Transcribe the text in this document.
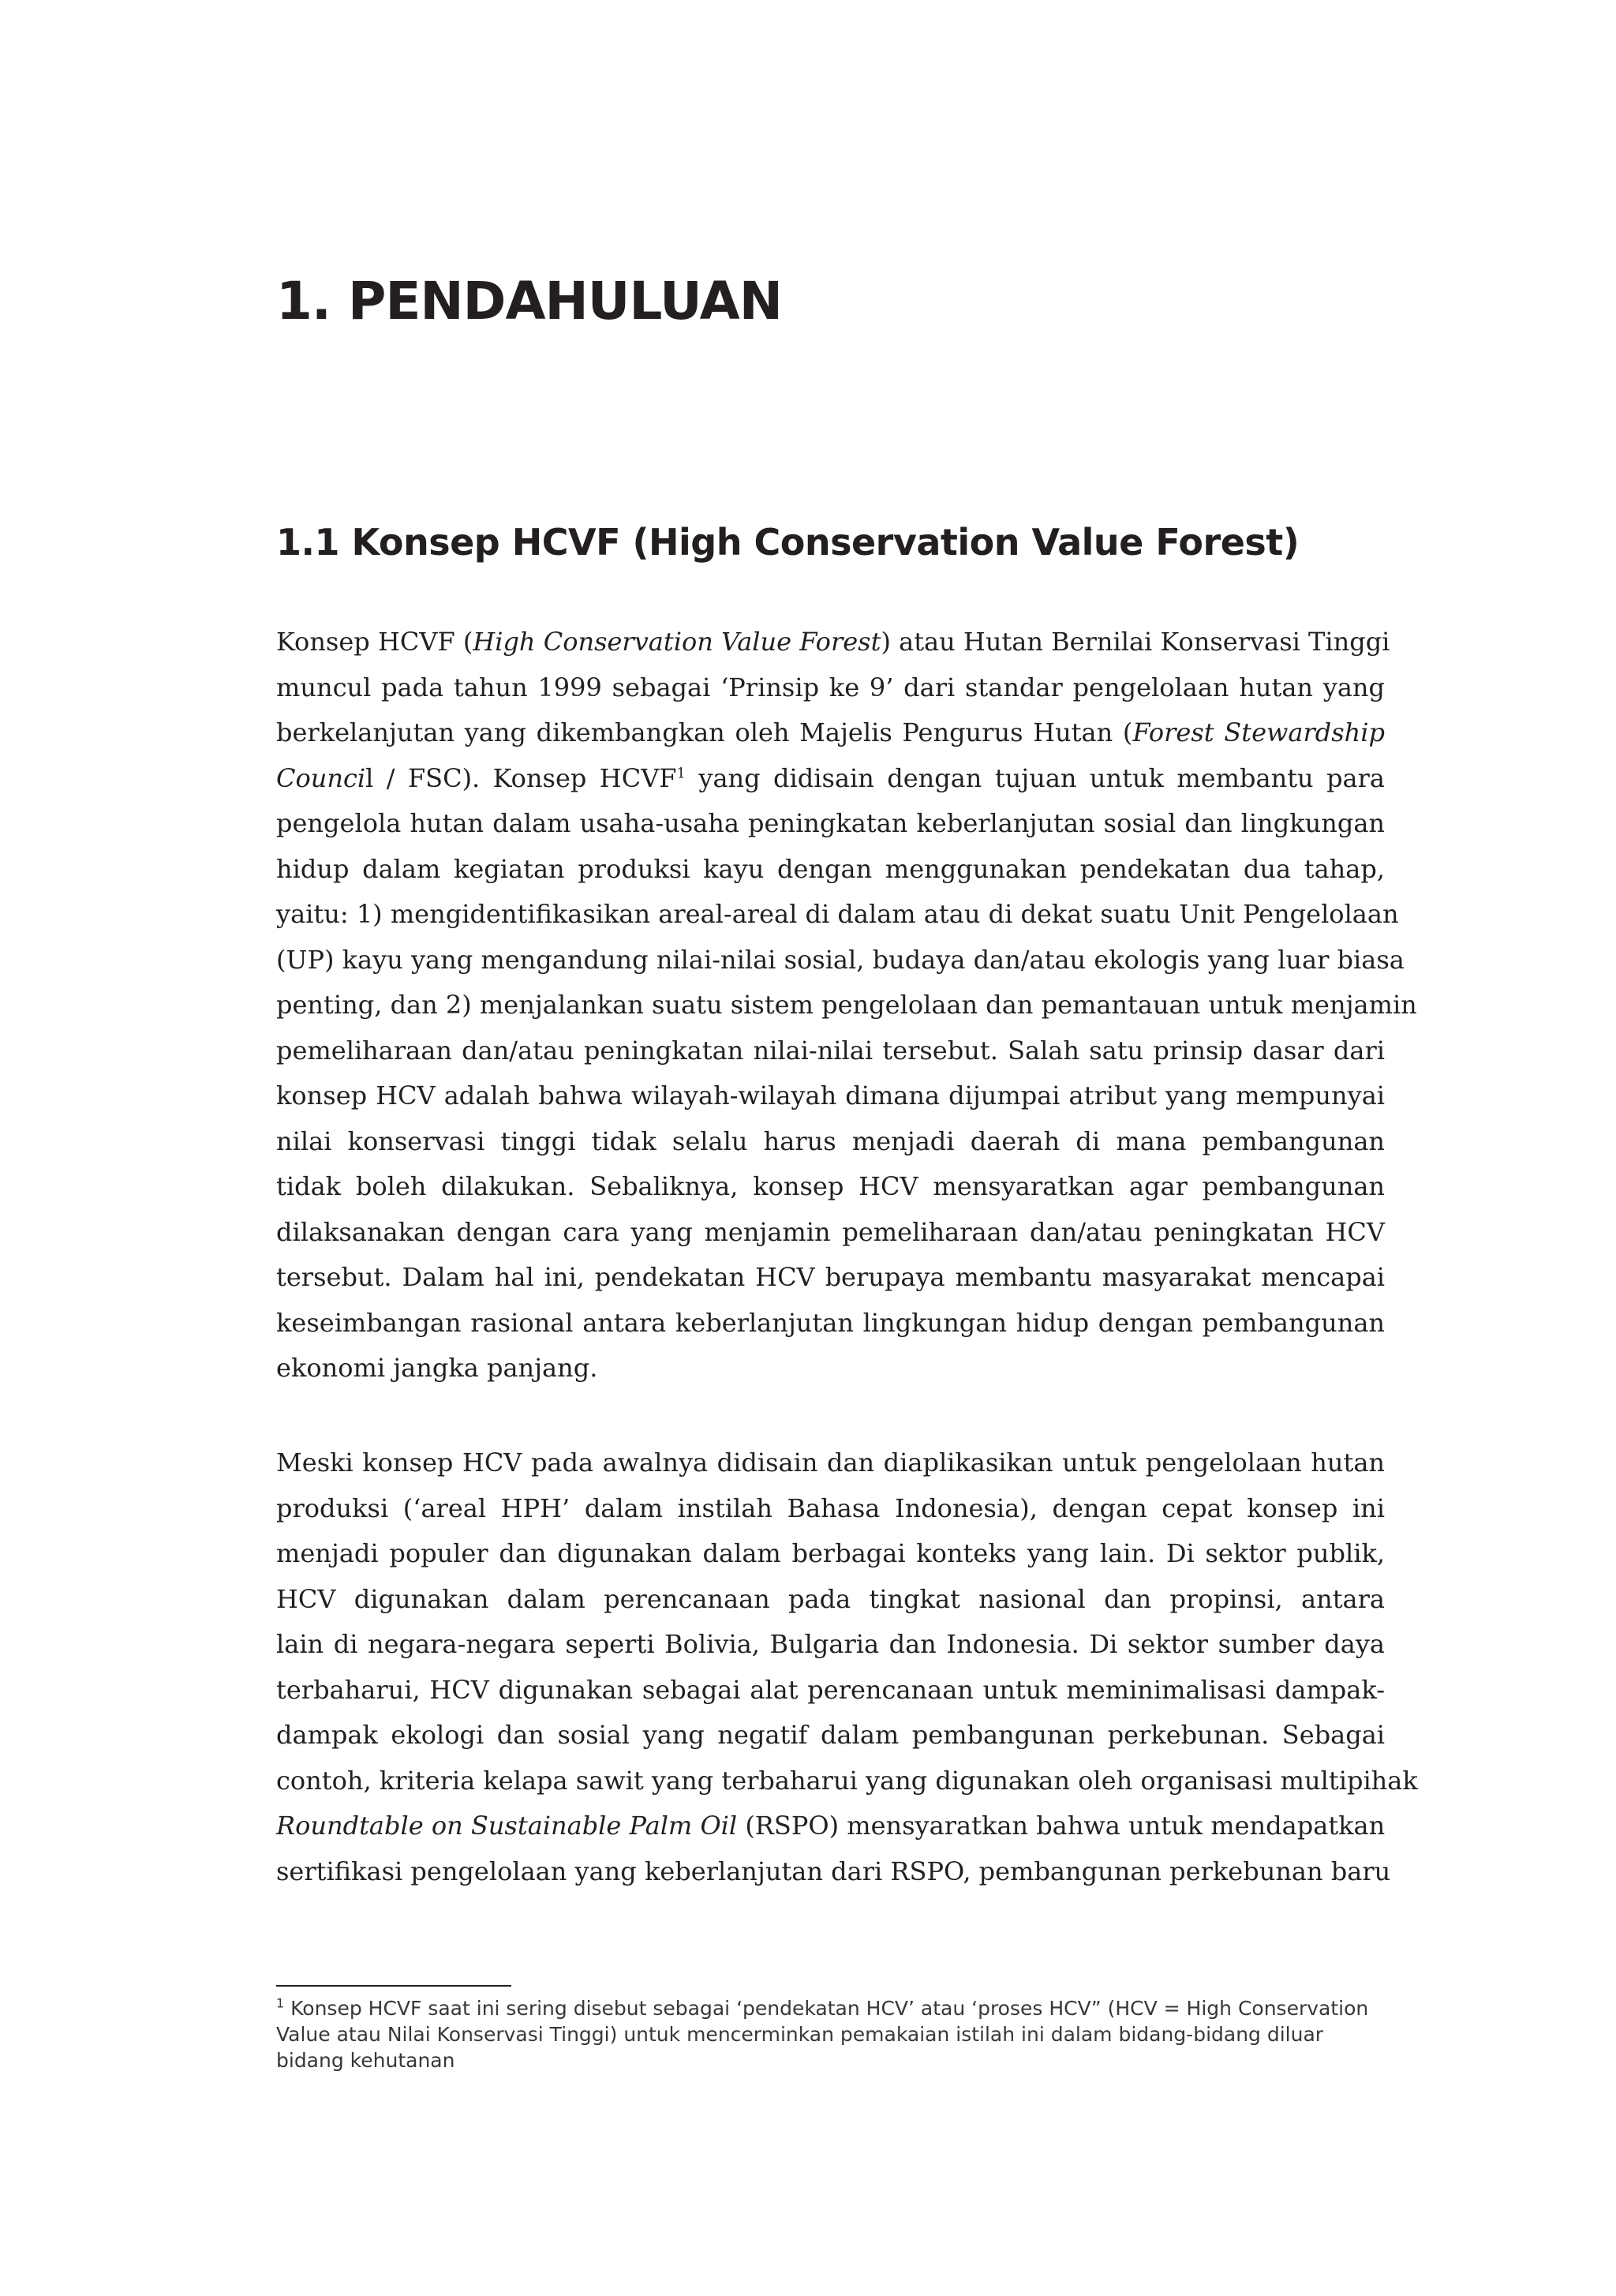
1. PENDAHULUAN
1.1 Konsep HCVF (High Conservation Value Forest)
Konsep HCVF (High Conservation Value Forest) atau Hutan Bernilai Konservasi Tinggi
muncul pada tahun 1999 sebagai ‘Prinsip ke 9’ dari standar pengelolaan hutan yang
berkelanjutan yang dikembangkan oleh Majelis Pengurus Hutan (Forest Stewardship
Council / FSC). Konsep HCVF$^1$ yang didisain dengan tujuan untuk membantu para
pengelola hutan dalam usaha-usaha peningkatan keberlanjutan sosial dan lingkungan
hidup dalam kegiatan produksi kayu dengan menggunakan pendekatan dua tahap,
yaitu: 1) mengidentifikasikan areal-areal di dalam atau di dekat suatu Unit Pengelolaan
(UP) kayu yang mengandung nilai-nilai sosial, budaya dan/atau ekologis yang luar biasa
penting, dan 2) menjalankan suatu sistem pengelolaan dan pemantauan untuk menjamin
pemeliharaan dan/atau peningkatan nilai-nilai tersebut. Salah satu prinsip dasar dari
konsep HCV adalah bahwa wilayah-wilayah dimana dijumpai atribut yang mempunyai
nilai konservasi tinggi tidak selalu harus menjadi daerah di mana pembangunan
tidak boleh dilakukan. Sebaliknya, konsep HCV mensyaratkan agar pembangunan
dilaksanakan dengan cara yang menjamin pemeliharaan dan/atau peningkatan HCV
tersebut. Dalam hal ini, pendekatan HCV berupaya membantu masyarakat mencapai
keseimbangan rasional antara keberlanjutan lingkungan hidup dengan pembangunan
ekonomi jangka panjang.
Meski konsep HCV pada awalnya didisain dan diaplikasikan untuk pengelolaan hutan
produksi (‘areal HPH’ dalam instilah Bahasa Indonesia), dengan cepat konsep ini
menjadi populer dan digunakan dalam berbagai konteks yang lain. Di sektor publik,
HCV digunakan dalam perencanaan pada tingkat nasional dan propinsi, antara
lain di negara-negara seperti Bolivia, Bulgaria dan Indonesia. Di sektor sumber daya
terbaharui, HCV digunakan sebagai alat perencanaan untuk meminimalisasi dampak-
dampak ekologi dan sosial yang negatif dalam pembangunan perkebunan. Sebagai
contoh, kriteria kelapa sawit yang terbaharui yang digunakan oleh organisasi multipihak
Roundtable on Sustainable Palm Oil (RSPO) mensyaratkan bahwa untuk mendapatkan
sertifikasi pengelolaan yang keberlanjutan dari RSPO, pembangunan perkebunan baru

$^1$ Konsep HCVF saat ini sering disebut sebagai ‘pendekatan HCV’ atau ‘proses HCV” (HCV = High Conservation Value atau Nilai Konservasi Tinggi) untuk mencerminkan pemakaian istilah ini dalam bidang-bidang diluar bidang kehutanan
